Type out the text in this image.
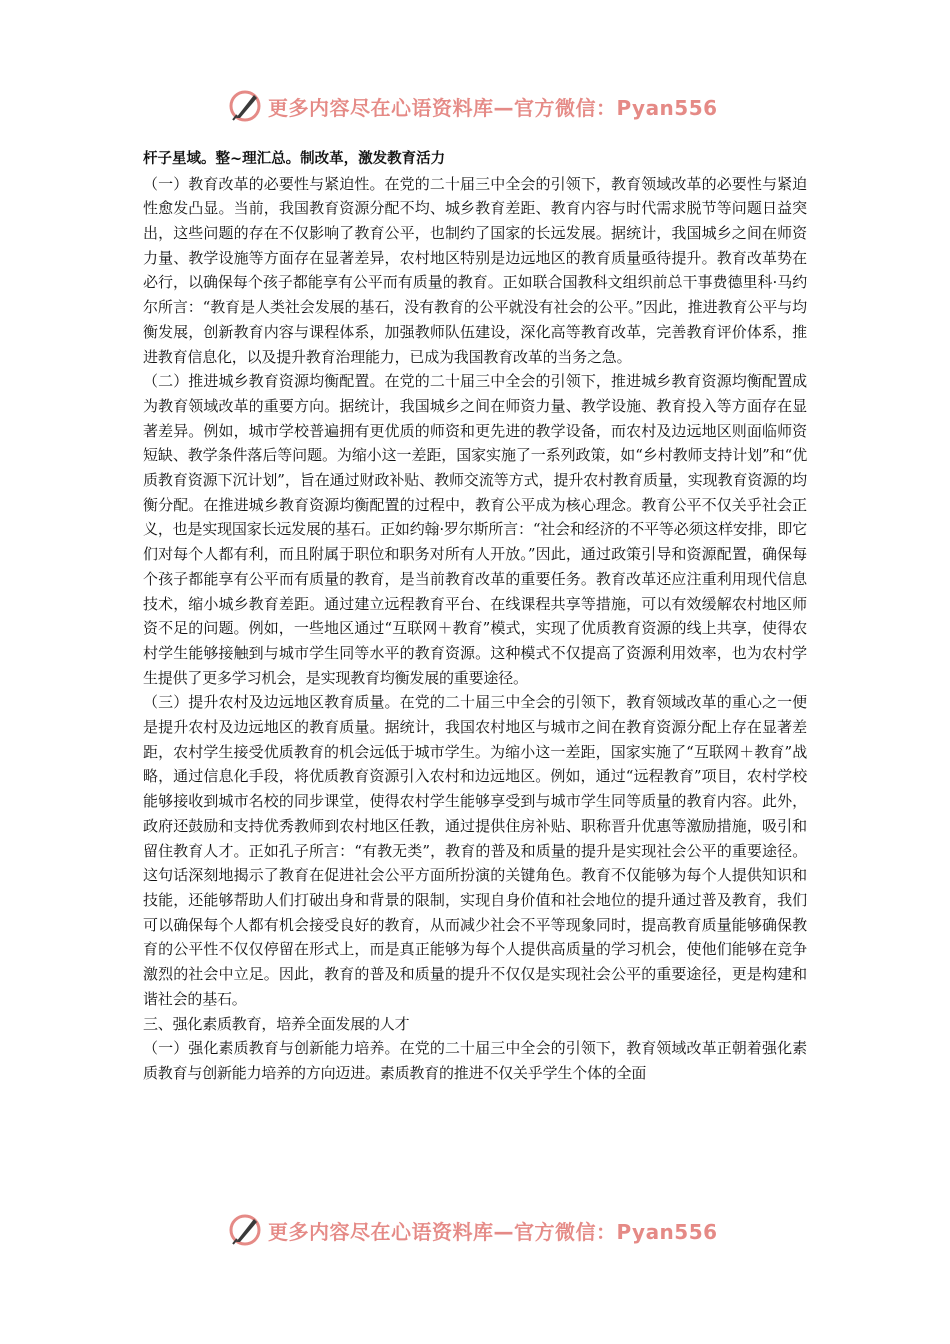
更多内容尽在心语资料库—官方微信：Pyan556

杆子星域。整~理汇总。制改革，激发教育活力

（一）教育改革的必要性与紧迫性。在党的二十届三中全会的引领下，教育领域改革的必要性与紧迫性愈发凸显。当前，我国教育资源分配不均、城乡教育差距、教育内容与时代需求脱节等问题日益突出，这些问题的存在不仅影响了教育公平，也制约了国家的长远发展。据统计，我国城乡之间在师资力量、教学设施等方面存在显著差异，农村地区特别是边远地区的教育质量亟待提升。教育改革势在必行，以确保每个孩子都能享有公平而有质量的教育。正如联合国教科文组织前总干事费德里科·马约尔所言：“教育是人类社会发展的基石，没有教育的公平就没有社会的公平。”因此，推进教育公平与均衡发展，创新教育内容与课程体系，加强教师队伍建设，深化高等教育改革，完善教育评价体系，推进教育信息化，以及提升教育治理能力，已成为我国教育改革的当务之急。

（二）推进城乡教育资源均衡配置。在党的二十届三中全会的引领下，推进城乡教育资源均衡配置成为教育领域改革的重要方向。据统计，我国城乡之间在师资力量、教学设施、教育投入等方面存在显著差异。例如，城市学校普遍拥有更优质的师资和更先进的教学设备，而农村及边远地区则面临师资短缺、教学条件落后等问题。为缩小这一差距，国家实施了一系列政策，如“乡村教师支持计划”和“优质教育资源下沉计划”，旨在通过财政补贴、教师交流等方式，提升农村教育质量，实现教育资源的均衡分配。在推进城乡教育资源均衡配置的过程中，教育公平成为核心理念。教育公平不仅关乎社会正义，也是实现国家长远发展的基石。正如约翰·罗尔斯所言：“社会和经济的不平等必须这样安排，即它们对每个人都有利，而且附属于职位和职务对所有人开放。”因此，通过政策引导和资源配置，确保每个孩子都能享有公平而有质量的教育，是当前教育改革的重要任务。教育改革还应注重利用现代信息技术，缩小城乡教育差距。通过建立远程教育平台、在线课程共享等措施，可以有效缓解农村地区师资不足的问题。例如，一些地区通过“互联网＋教育”模式，实现了优质教育资源的线上共享，使得农村学生能够接触到与城市学生同等水平的教育资源。这种模式不仅提高了资源利用效率，也为农村学生提供了更多学习机会，是实现教育均衡发展的重要途径。

（三）提升农村及边远地区教育质量。在党的二十届三中全会的引领下，教育领域改革的重心之一便是提升农村及边远地区的教育质量。据统计，我国农村地区与城市之间在教育资源分配上存在显著差距，农村学生接受优质教育的机会远低于城市学生。为缩小这一差距，国家实施了“互联网＋教育”战略，通过信息化手段，将优质教育资源引入农村和边远地区。例如，通过“远程教育”项目，农村学校能够接收到城市名校的同步课堂，使得农村学生能够享受到与城市学生同等质量的教育内容。此外，政府还鼓励和支持优秀教师到农村地区任教，通过提供住房补贴、职称晋升优惠等激励措施，吸引和留住教育人才。正如孔子所言：“有教无类”，教育的普及和质量的提升是实现社会公平的重要途径。这句话深刻地揭示了教育在促进社会公平方面所扮演的关键角色。教育不仅能够为每个人提供知识和技能，还能够帮助人们打破出身和背景的限制，实现自身价值和社会地位的提升通过普及教育，我们可以确保每个人都有机会接受良好的教育，从而减少社会不平等现象同时，提高教育质量能够确保教育的公平性不仅仅停留在形式上，而是真正能够为每个人提供高质量的学习机会，使他们能够在竞争激烈的社会中立足。因此，教育的普及和质量的提升不仅仅是实现社会公平的重要途径，更是构建和谐社会的基石。

三、强化素质教育，培养全面发展的人才

（一）强化素质教育与创新能力培养。在党的二十届三中全会的引领下，教育领域改革正朝着强化素质教育与创新能力培养的方向迈进。素质教育的推进不仅关乎学生个体的全面

更多内容尽在心语资料库—官方微信：Pyan556
